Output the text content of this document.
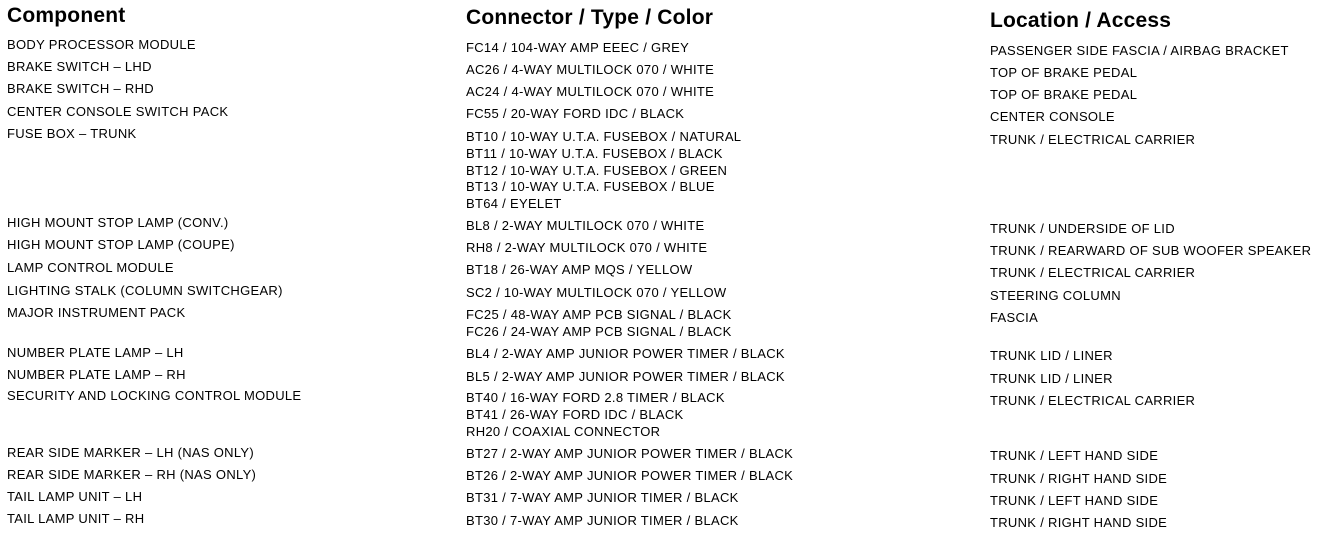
Component
BODY PROCESSOR MODULE
BRAKE SWITCH – LHD
BRAKE SWITCH – RHD
CENTER CONSOLE SWITCH PACK
FUSE BOX – TRUNK
HIGH MOUNT STOP LAMP (CONV.)
HIGH MOUNT STOP LAMP (COUPE)
LAMP CONTROL MODULE
LIGHTING STALK (COLUMN SWITCHGEAR)
MAJOR INSTRUMENT PACK
NUMBER PLATE LAMP – LH
NUMBER PLATE LAMP – RH
SECURITY AND LOCKING CONTROL MODULE
REAR SIDE MARKER – LH (NAS ONLY)
REAR SIDE MARKER – RH (NAS ONLY)
TAIL LAMP UNIT – LH
TAIL LAMP UNIT – RH
Connector / Type / Color
FC14 / 104-WAY AMP EEEC / GREY
AC26 / 4-WAY MULTILOCK 070 / WHITE
AC24 / 4-WAY MULTILOCK 070 / WHITE
FC55 / 20-WAY FORD IDC / BLACK
BT10 / 10-WAY U.T.A. FUSEBOX / NATURAL
BT11 / 10-WAY U.T.A. FUSEBOX / BLACK
BT12 / 10-WAY U.T.A. FUSEBOX / GREEN
BT13 / 10-WAY U.T.A. FUSEBOX / BLUE
BT64 / EYELET
BL8 / 2-WAY MULTILOCK 070 / WHITE
RH8 / 2-WAY MULTILOCK 070 / WHITE
BT18 / 26-WAY AMP MQS / YELLOW
SC2 / 10-WAY MULTILOCK 070 / YELLOW
FC25 / 48-WAY AMP PCB SIGNAL / BLACK
FC26 / 24-WAY AMP PCB SIGNAL / BLACK
BL4 / 2-WAY AMP JUNIOR POWER TIMER / BLACK
BL5 / 2-WAY AMP JUNIOR POWER TIMER / BLACK
BT40 / 16-WAY FORD 2.8 TIMER / BLACK
BT41 / 26-WAY FORD IDC / BLACK
RH20 / COAXIAL CONNECTOR
BT27 / 2-WAY AMP JUNIOR POWER TIMER / BLACK
BT26 / 2-WAY AMP JUNIOR POWER TIMER / BLACK
BT31 / 7-WAY AMP JUNIOR TIMER / BLACK
BT30 / 7-WAY AMP JUNIOR TIMER / BLACK
Location / Access
PASSENGER SIDE FASCIA / AIRBAG BRACKET
TOP OF BRAKE PEDAL
TOP OF BRAKE PEDAL
CENTER CONSOLE
TRUNK / ELECTRICAL CARRIER
TRUNK / UNDERSIDE OF LID
TRUNK / REARWARD OF SUB WOOFER SPEAKER
TRUNK / ELECTRICAL CARRIER
STEERING COLUMN
FASCIA
TRUNK LID / LINER
TRUNK LID / LINER
TRUNK / ELECTRICAL CARRIER
TRUNK / LEFT HAND SIDE
TRUNK / RIGHT HAND SIDE
TRUNK / LEFT HAND SIDE
TRUNK / RIGHT HAND SIDE
